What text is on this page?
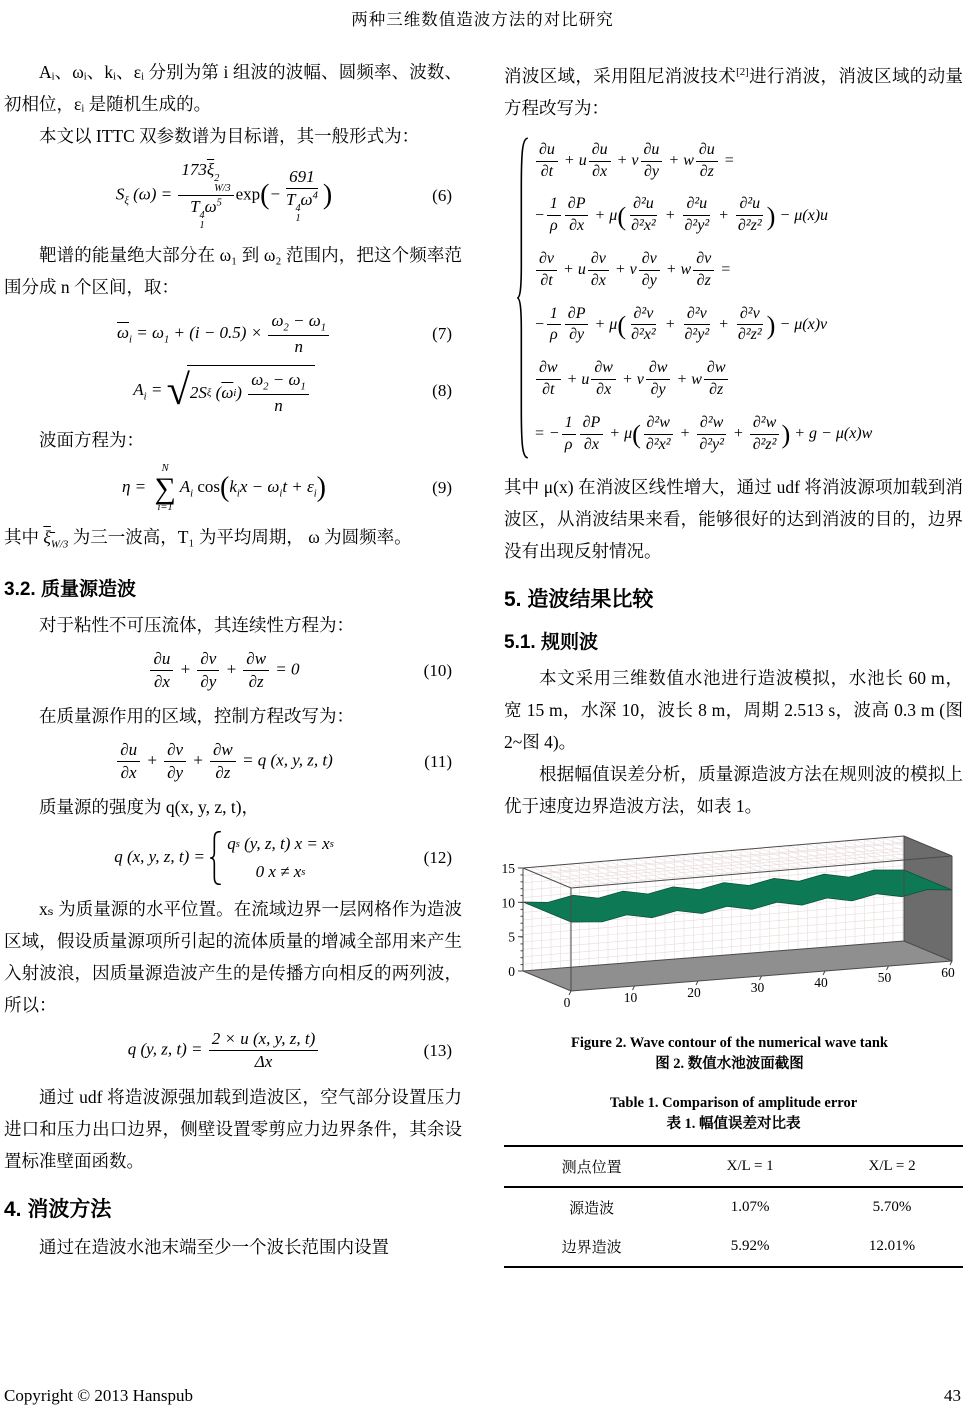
两种三维数值造波方法的对比研究

Aᵢ、ωᵢ、kᵢ、εᵢ 分别为第 i 组波的波幅、圆频率、波数、初相位，εᵢ 是随机生成的。

本文以 ITTC 双参数谱为目标谱，其一般形式为：

$S_\xi$ $(\omega) = 173\overline{\xi}$ 2
W/3
T 4
1
$\omega^5$ exp(− 691
T 4
1
$\omega^4$ )	(6)

靶谱的能量绝大部分在 ω₁ 到 ω₂ 范围内，把这个频率范围分成 n 个区间，取：

$\overline{\omega}_i = \omega_1 + (i - 0.5) \times \frac{\omega_2 - \omega_1}{n}$	(7)
$A_i$ = √ 2S ξ ( $\overline{\omega}$ i )
$\omega_2 - \omega_1$
n
(8)

波面方程为：

η =
N
∑
i=1
$A_i$ $\cos(k_ix - \omega_it + \varepsilon_i)$	(9)

其中 $\xī_{W/3}$ 为三一波高，T₁ 为平均周期， ω 为圆频率。

3.2. 质量源造波

对于粘性不可压流体，其连续性方程为：

$\frac{\partial u}{\partial x} + \frac{\partial v}{\partial y} + \frac{\partial w}{\partial z} = 0$	(10)

在质量源作用的区域，控制方程改写为：

$\frac{\partial u}{\partial x} + \frac{\partial v}{\partial y} + \frac{\partial w}{\partial z} = q$ (x, y, z, t)	(11)

质量源的强度为 q(x, y, z, t)，

q (x, y, z, t) =
q s (y, z, t) x = x s
0 x ≠ x s
(12)

xₛ 为质量源的水平位置。在流域边界一层网格作为造波区域，假设质量源项所引起的流体质量的增减全部用来产生入射波浪，因质量源造波产生的是传播方向相反的两列波，所以：

q (y, z, $t) = \frac{2 \times u (x, y, z, t)}{\Delta x}$	(13)

通过 udf 将造波源强加载到造波区，空气部分设置压力进口和压力出口边界，侧壁设置零剪应力边界条件，其余设置标准壁面函数。

4. 消波方法

通过在造波水池末端至少一个波长范围内设置

消波区域，采用阻尼消波技术[2]进行消波，消波区域的动量方程改写为：

∂u
∂t
+ u
∂u
∂x
+ v
∂u
∂y
+ w $\frac{\partial u}{\partial z}$ =
− $\frac{1}{\rho} \partial P$
∂x
+ μ ( ∂²u
∂²x²
+ $\frac{\text{∂²u}}{\text{∂²y²}} + \frac{\text{∂²u}}{\text{∂²z²}}$ ) − μ(x)u
∂v
∂t
+ u
∂v
∂x
+ v
∂v
∂y
+ w $\frac{\partial v}{\partial z}$ =
− $\frac{1}{\rho} \partial P$
∂y
+ μ ( ∂²v
∂²x²
+ $\frac{\text{∂²v}}{\text{∂²y²}} + \frac{\text{∂²v}}{\text{∂²z²}}$ ) − μ(x)v
∂w
∂t
+ u
∂w
∂x
+ v
∂w
∂y
+ w
∂w
∂z
= − $\frac{1}{\rho} \partial P$
∂x
+ μ ( ∂²w
∂²x²
+ $\frac{\text{∂²w}}{\text{∂²y²}} + \frac{\text{∂²w}}{\text{∂²z²}}$ ) + g − μ(x)w

其中 μ(x) 在消波区线性增大，通过 udf 将消波源项加载到消波区，从消波结果来看，能够很好的达到消波的目的，边界没有出现反射情况。

5. 造波结果比较
5.1. 规则波

本文采用三维数值水池进行造波模拟，水池长 60 m，宽 15 m，水深 10，波长 8 m，周期 2.513 s，波高 0.3 m (图 2~图 4)。

根据幅值误差分析，质量源造波方法在规则波的模拟上优于速度边界造波方法，如表 1。

15
10
5
0
0	10	20	30	40	50	60
Figure 2. Wave contour of the numerical wave tank
图 2. 数值水池波面截图
Table 1. Comparison of amplitude error
表 1. 幅值误差对比表
测点位置	X/L = 1	X/L = 2
源造波	1.07%	5.70%
边界造波	5.92%	12.01%
Copyright © 2013 Hanspub	43
